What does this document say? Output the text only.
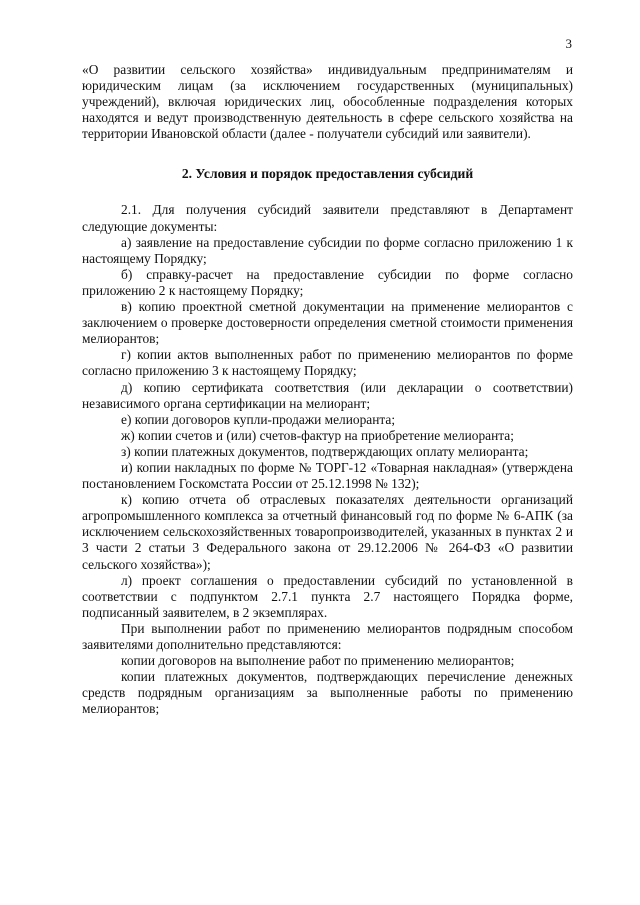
3

«О развитии сельского хозяйства» индивидуальным предпринимателям и юридическим лицам (за исключением государственных (муниципальных) учреждений), включая юридических лиц, обособленные подразделения которых находятся и ведут производственную деятельность в сфере сельского хозяйства на территории Ивановской области (далее - получатели субсидий или заявители).

2. Условия и порядок предоставления субсидий

2.1. Для получения субсидий заявители представляют в Департамент следующие документы:

а) заявление на предоставление субсидии по форме согласно приложению 1 к настоящему Порядку;

б) справку-расчет на предоставление субсидии по форме согласно приложению 2 к настоящему Порядку;

в) копию проектной сметной документации на применение мелиорантов с заключением о проверке достоверности определения сметной стоимости применения мелиорантов;

г) копии актов выполненных работ по применению мелиорантов по форме согласно приложению 3 к настоящему Порядку;

д) копию сертификата соответствия (или декларации о соответствии) независимого органа сертификации на мелиорант;

е) копии договоров купли-продажи мелиоранта;

ж) копии счетов и (или) счетов-фактур на приобретение мелиоранта;

з) копии платежных документов, подтверждающих оплату мелиоранта;

и) копии накладных по форме № ТОРГ-12 «Товарная накладная» (утверждена постановлением Госкомстата России от 25.12.1998 № 132);

к) копию отчета об отраслевых показателях деятельности организаций агропромышленного комплекса за отчетный финансовый год по форме № 6-АПК (за исключением сельскохозяйственных товаропроизводителей, указанных в пунктах 2 и 3 части 2 статьи 3 Федерального закона от 29.12.2006 № 264-ФЗ «О развитии сельского хозяйства»);

л) проект соглашения о предоставлении субсидий по установленной в соответствии с подпунктом 2.7.1 пункта 2.7 настоящего Порядка форме, подписанный заявителем, в 2 экземплярах.

При выполнении работ по применению мелиорантов подрядным способом заявителями дополнительно представляются:

копии договоров на выполнение работ по применению мелиорантов;

копии платежных документов, подтверждающих перечисление денежных средств подрядным организациям за выполненные работы по применению мелиорантов;
